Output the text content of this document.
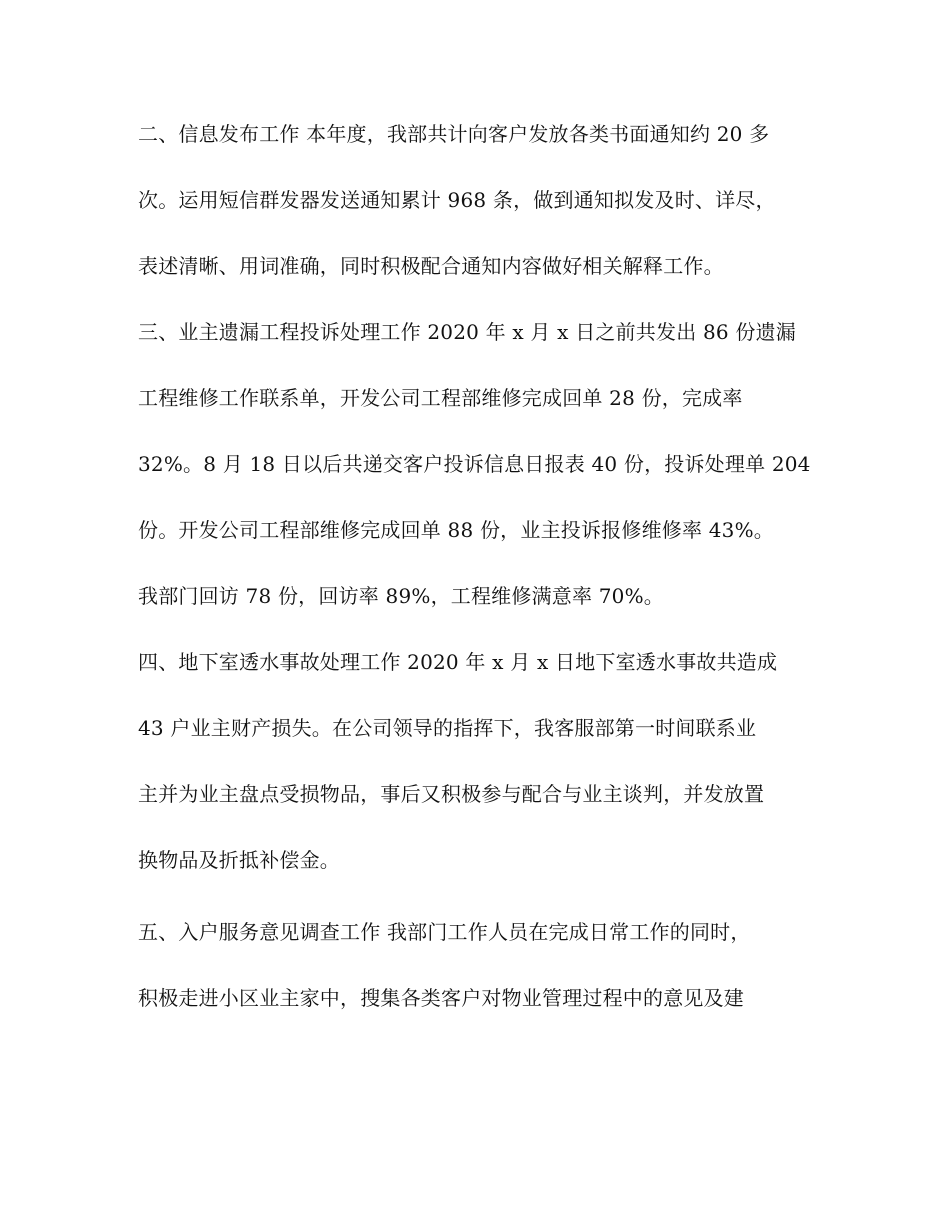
二、信息发布工作 本年度，我部共计向客户发放各类书面通知约 20 多
次。运用短信群发器发送通知累计 968 条，做到通知拟发及时、详尽，
表述清晰、用词准确，同时积极配合通知内容做好相关解释工作。
三、业主遗漏工程投诉处理工作 2020 年 x 月 x 日之前共发出 86 份遗漏
工程维修工作联系单，开发公司工程部维修完成回单 28 份，完成率
32%。8 月 18 日以后共递交客户投诉信息日报表 40 份，投诉处理单 204
份。开发公司工程部维修完成回单 88 份，业主投诉报修维修率 43%。
我部门回访 78 份，回访率 89%，工程维修满意率 70%。
四、地下室透水事故处理工作 2020 年 x 月 x 日地下室透水事故共造成
43 户业主财产损失。在公司领导的指挥下，我客服部第一时间联系业
主并为业主盘点受损物品，事后又积极参与配合与业主谈判，并发放置
换物品及折抵补偿金。
五、入户服务意见调查工作 我部门工作人员在完成日常工作的同时，
积极走进小区业主家中，搜集各类客户对物业管理过程中的意见及建
